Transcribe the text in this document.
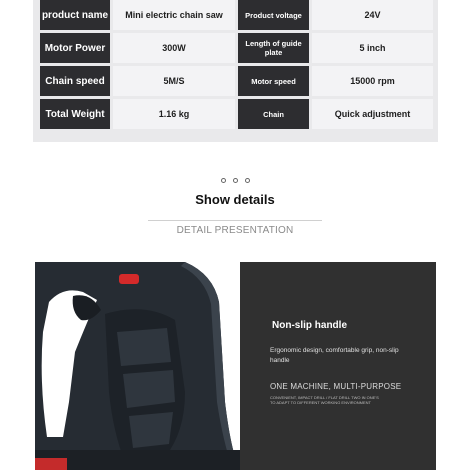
product name	Mini electric chain saw	Product voltage	24V
Motor Power	300W	Length of guide plate	5 inch
Chain speed	5M/S	Motor speed	15000 rpm
Total Weight	1.16 kg	Chain	Quick adjustment
Show details
DETAIL PRESENTATION
Non-slip handle
Ergonomic design, comfortable grip, non-slip handle
ONE MACHINE, MULTI-PURPOSE
CONVENIENT, IMPACT DRILL / FLAT DRILL TWO IN ONE'S TO ADAPT TO DIFFERENT WORKING ENVIRONMENT
